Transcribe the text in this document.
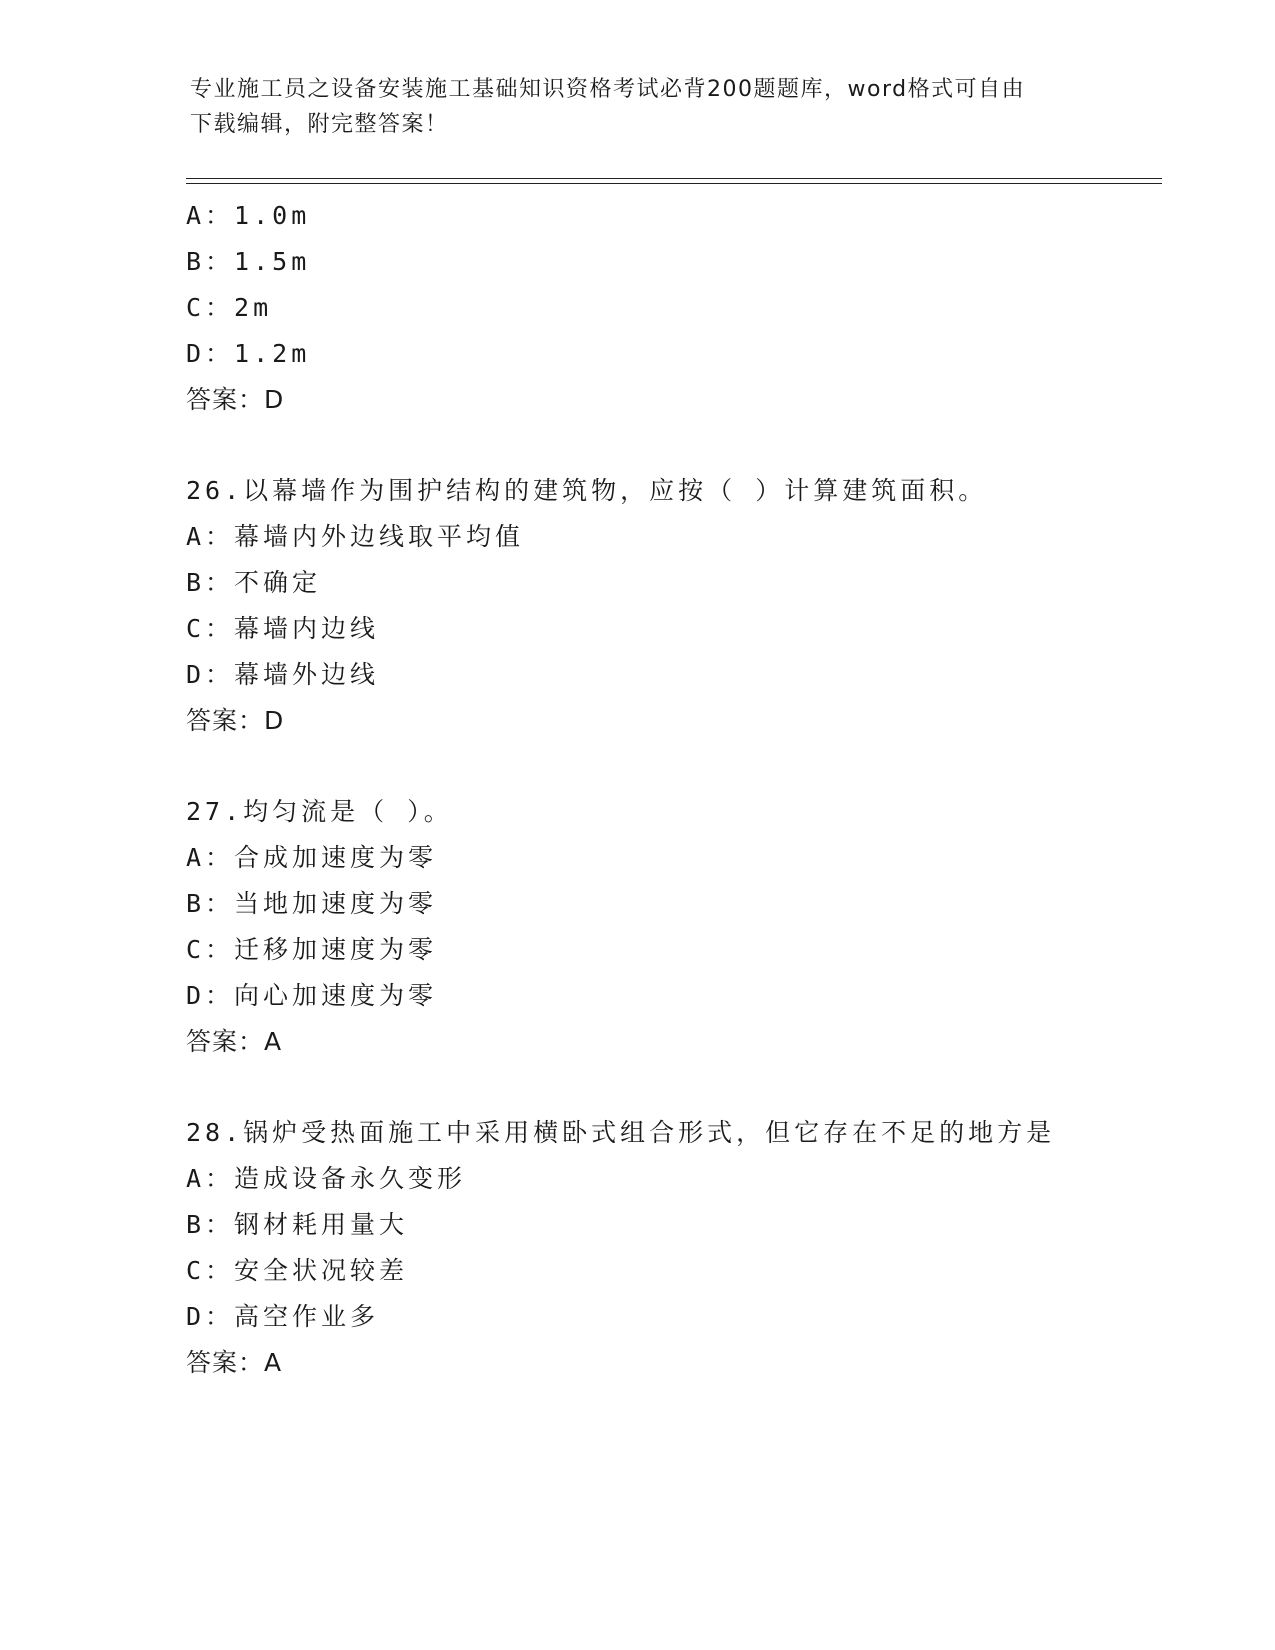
专业施工员之设备安装施工基础知识资格考试必背200题题库，word格式可自由
下载编辑，附完整答案！
A：1.0m
B：1.5m
C：2m
D：1.2m
答案：D
26.以幕墙作为围护结构的建筑物，应按（ ）计算建筑面积。
A：幕墙内外边线取平均值
B：不确定
C：幕墙内边线
D：幕墙外边线
答案：D
27.均匀流是（ ）。
A：合成加速度为零
B：当地加速度为零
C：迁移加速度为零
D：向心加速度为零
答案：A
28.锅炉受热面施工中采用横卧式组合形式，但它存在不足的地方是
A：造成设备永久变形
B：钢材耗用量大
C：安全状况较差
D：高空作业多
答案：A
